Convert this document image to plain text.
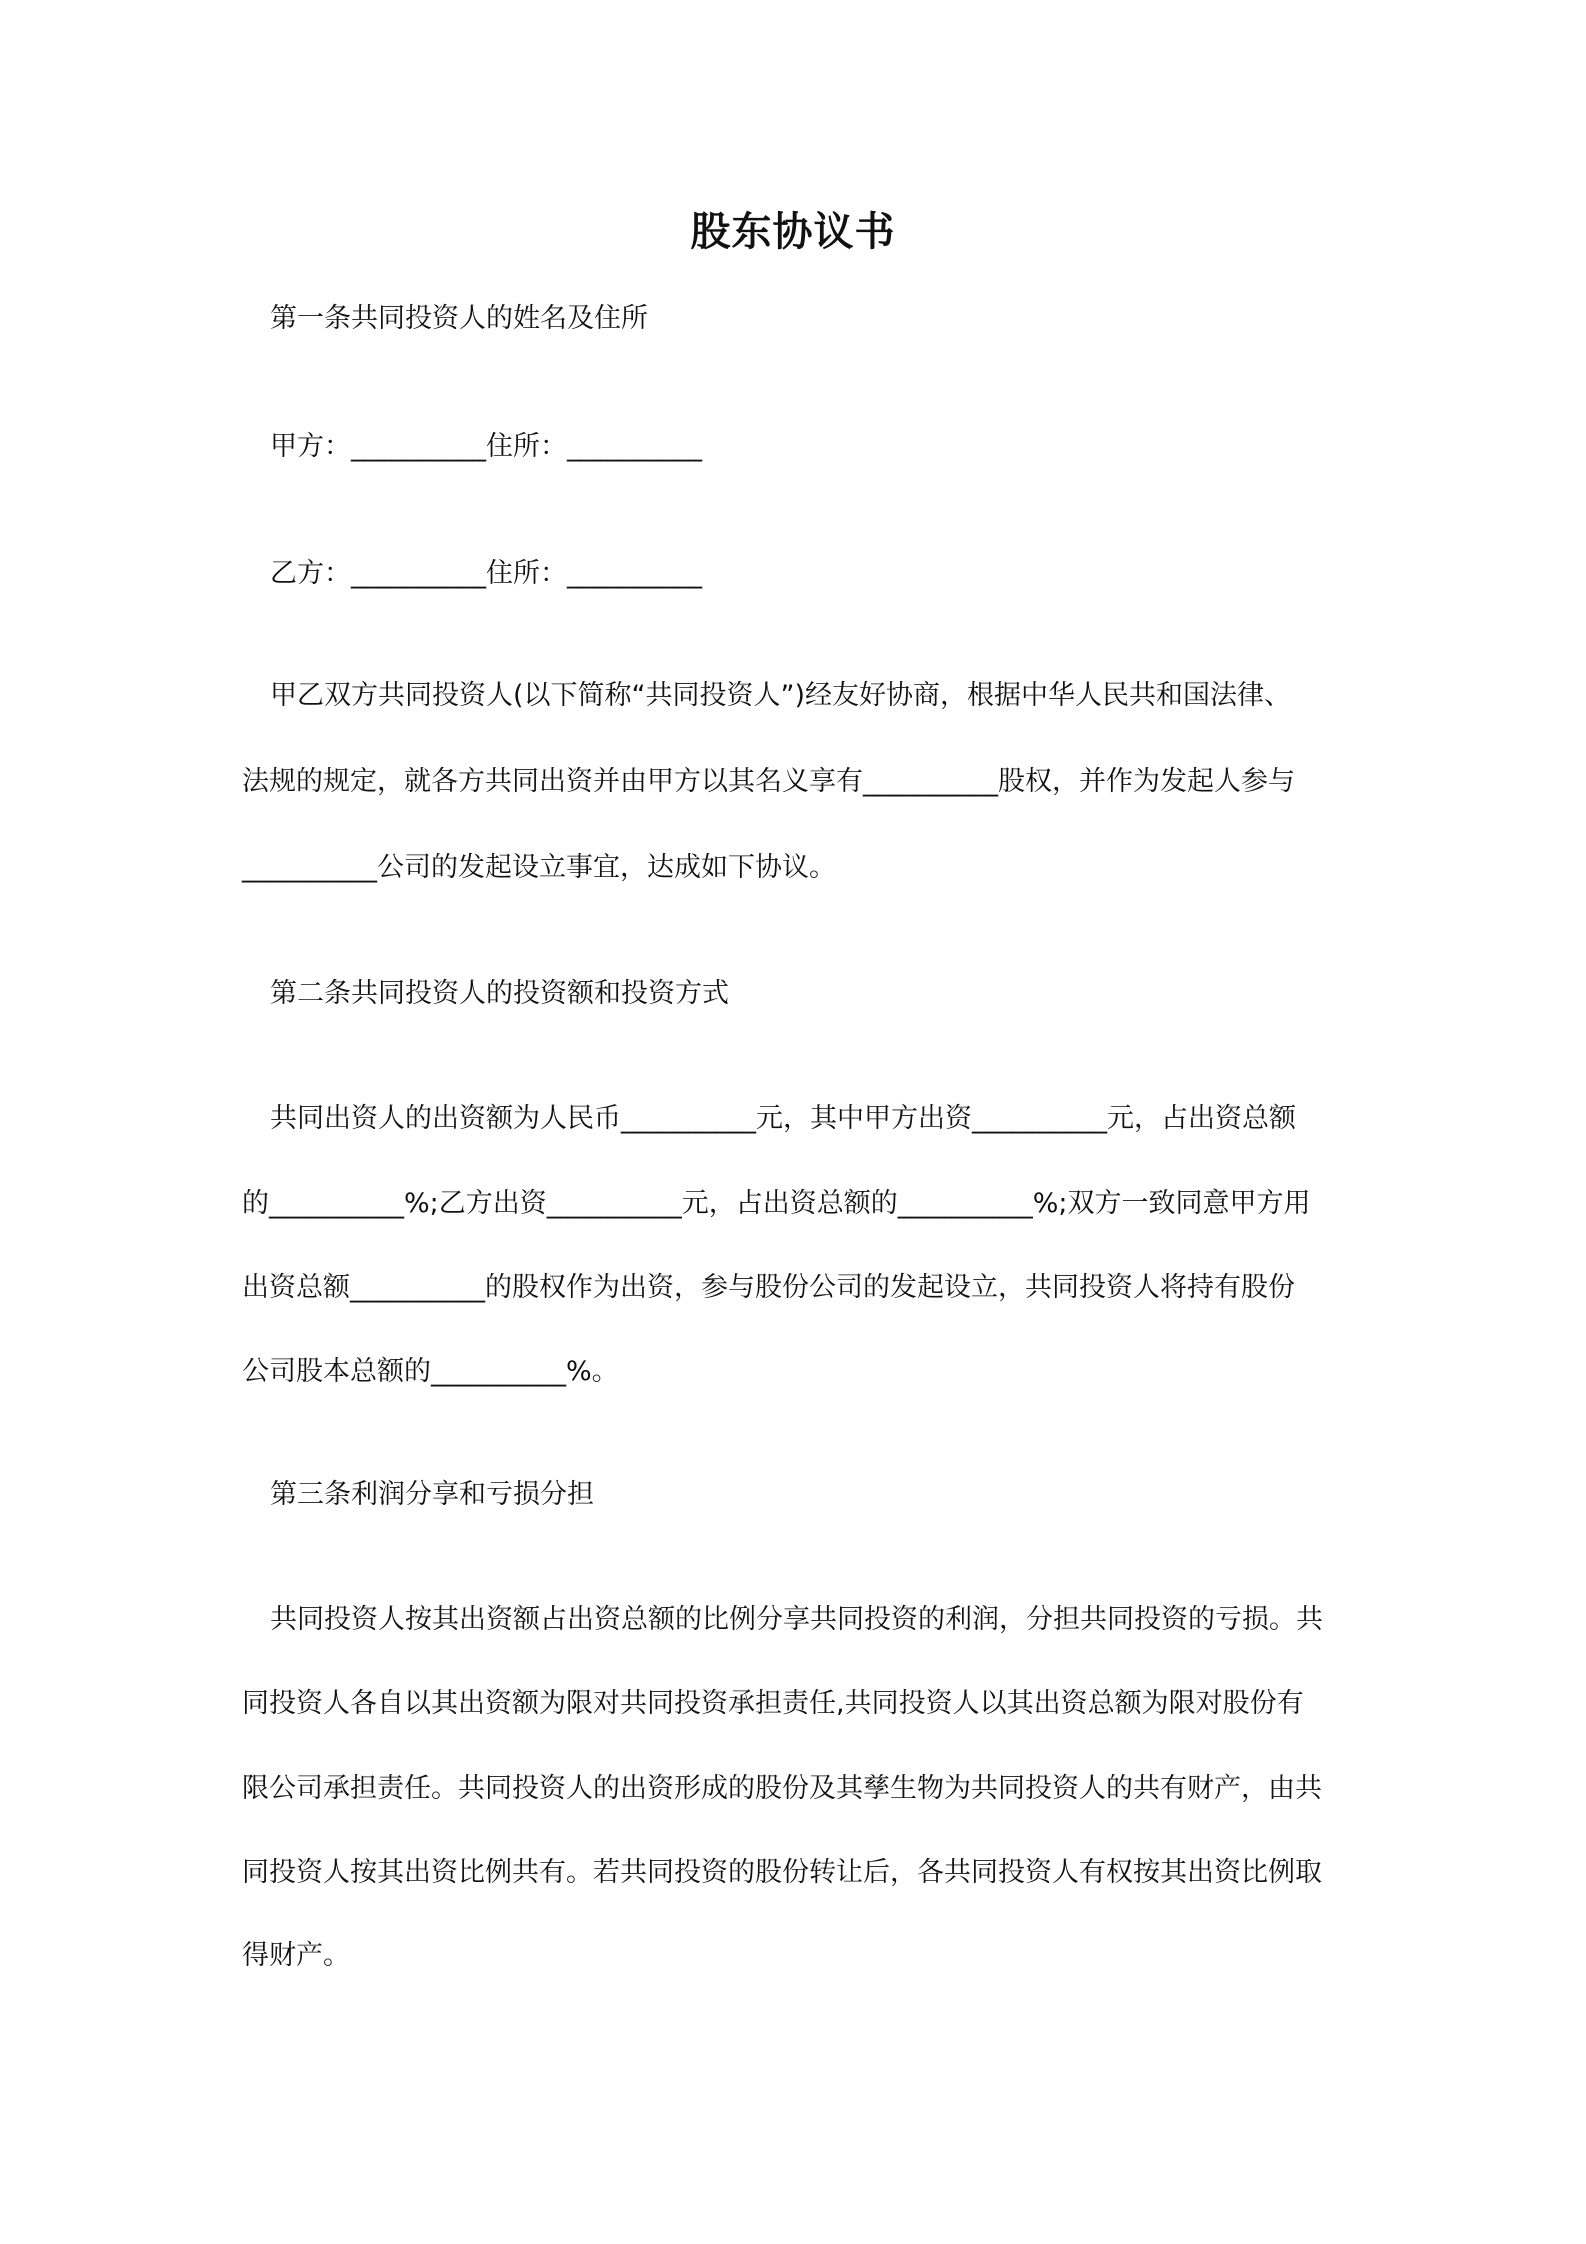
股东协议书

第一条共同投资人的姓名及住所

甲方：__________住所：__________

乙方：__________住所：__________

甲乙双方共同投资人(以下简称“共同投资人”)经友好协商，根据中华人民共和国法律、

法规的规定，就各方共同出资并由甲方以其名义享有__________股权，并作为发起人参与

__________公司的发起设立事宜，达成如下协议。

第二条共同投资人的投资额和投资方式

共同出资人的出资额为人民币__________元，其中甲方出资__________元，占出资总额

的__________%;乙方出资__________元，占出资总额的__________%;双方一致同意甲方用

出资总额__________的股权作为出资，参与股份公司的发起设立，共同投资人将持有股份

公司股本总额的__________%。

第三条利润分享和亏损分担

共同投资人按其出资额占出资总额的比例分享共同投资的利润，分担共同投资的亏损。共

同投资人各自以其出资额为限对共同投资承担责任,共同投资人以其出资总额为限对股份有

限公司承担责任。共同投资人的出资形成的股份及其孳生物为共同投资人的共有财产，由共

同投资人按其出资比例共有。若共同投资的股份转让后，各共同投资人有权按其出资比例取

得财产。
